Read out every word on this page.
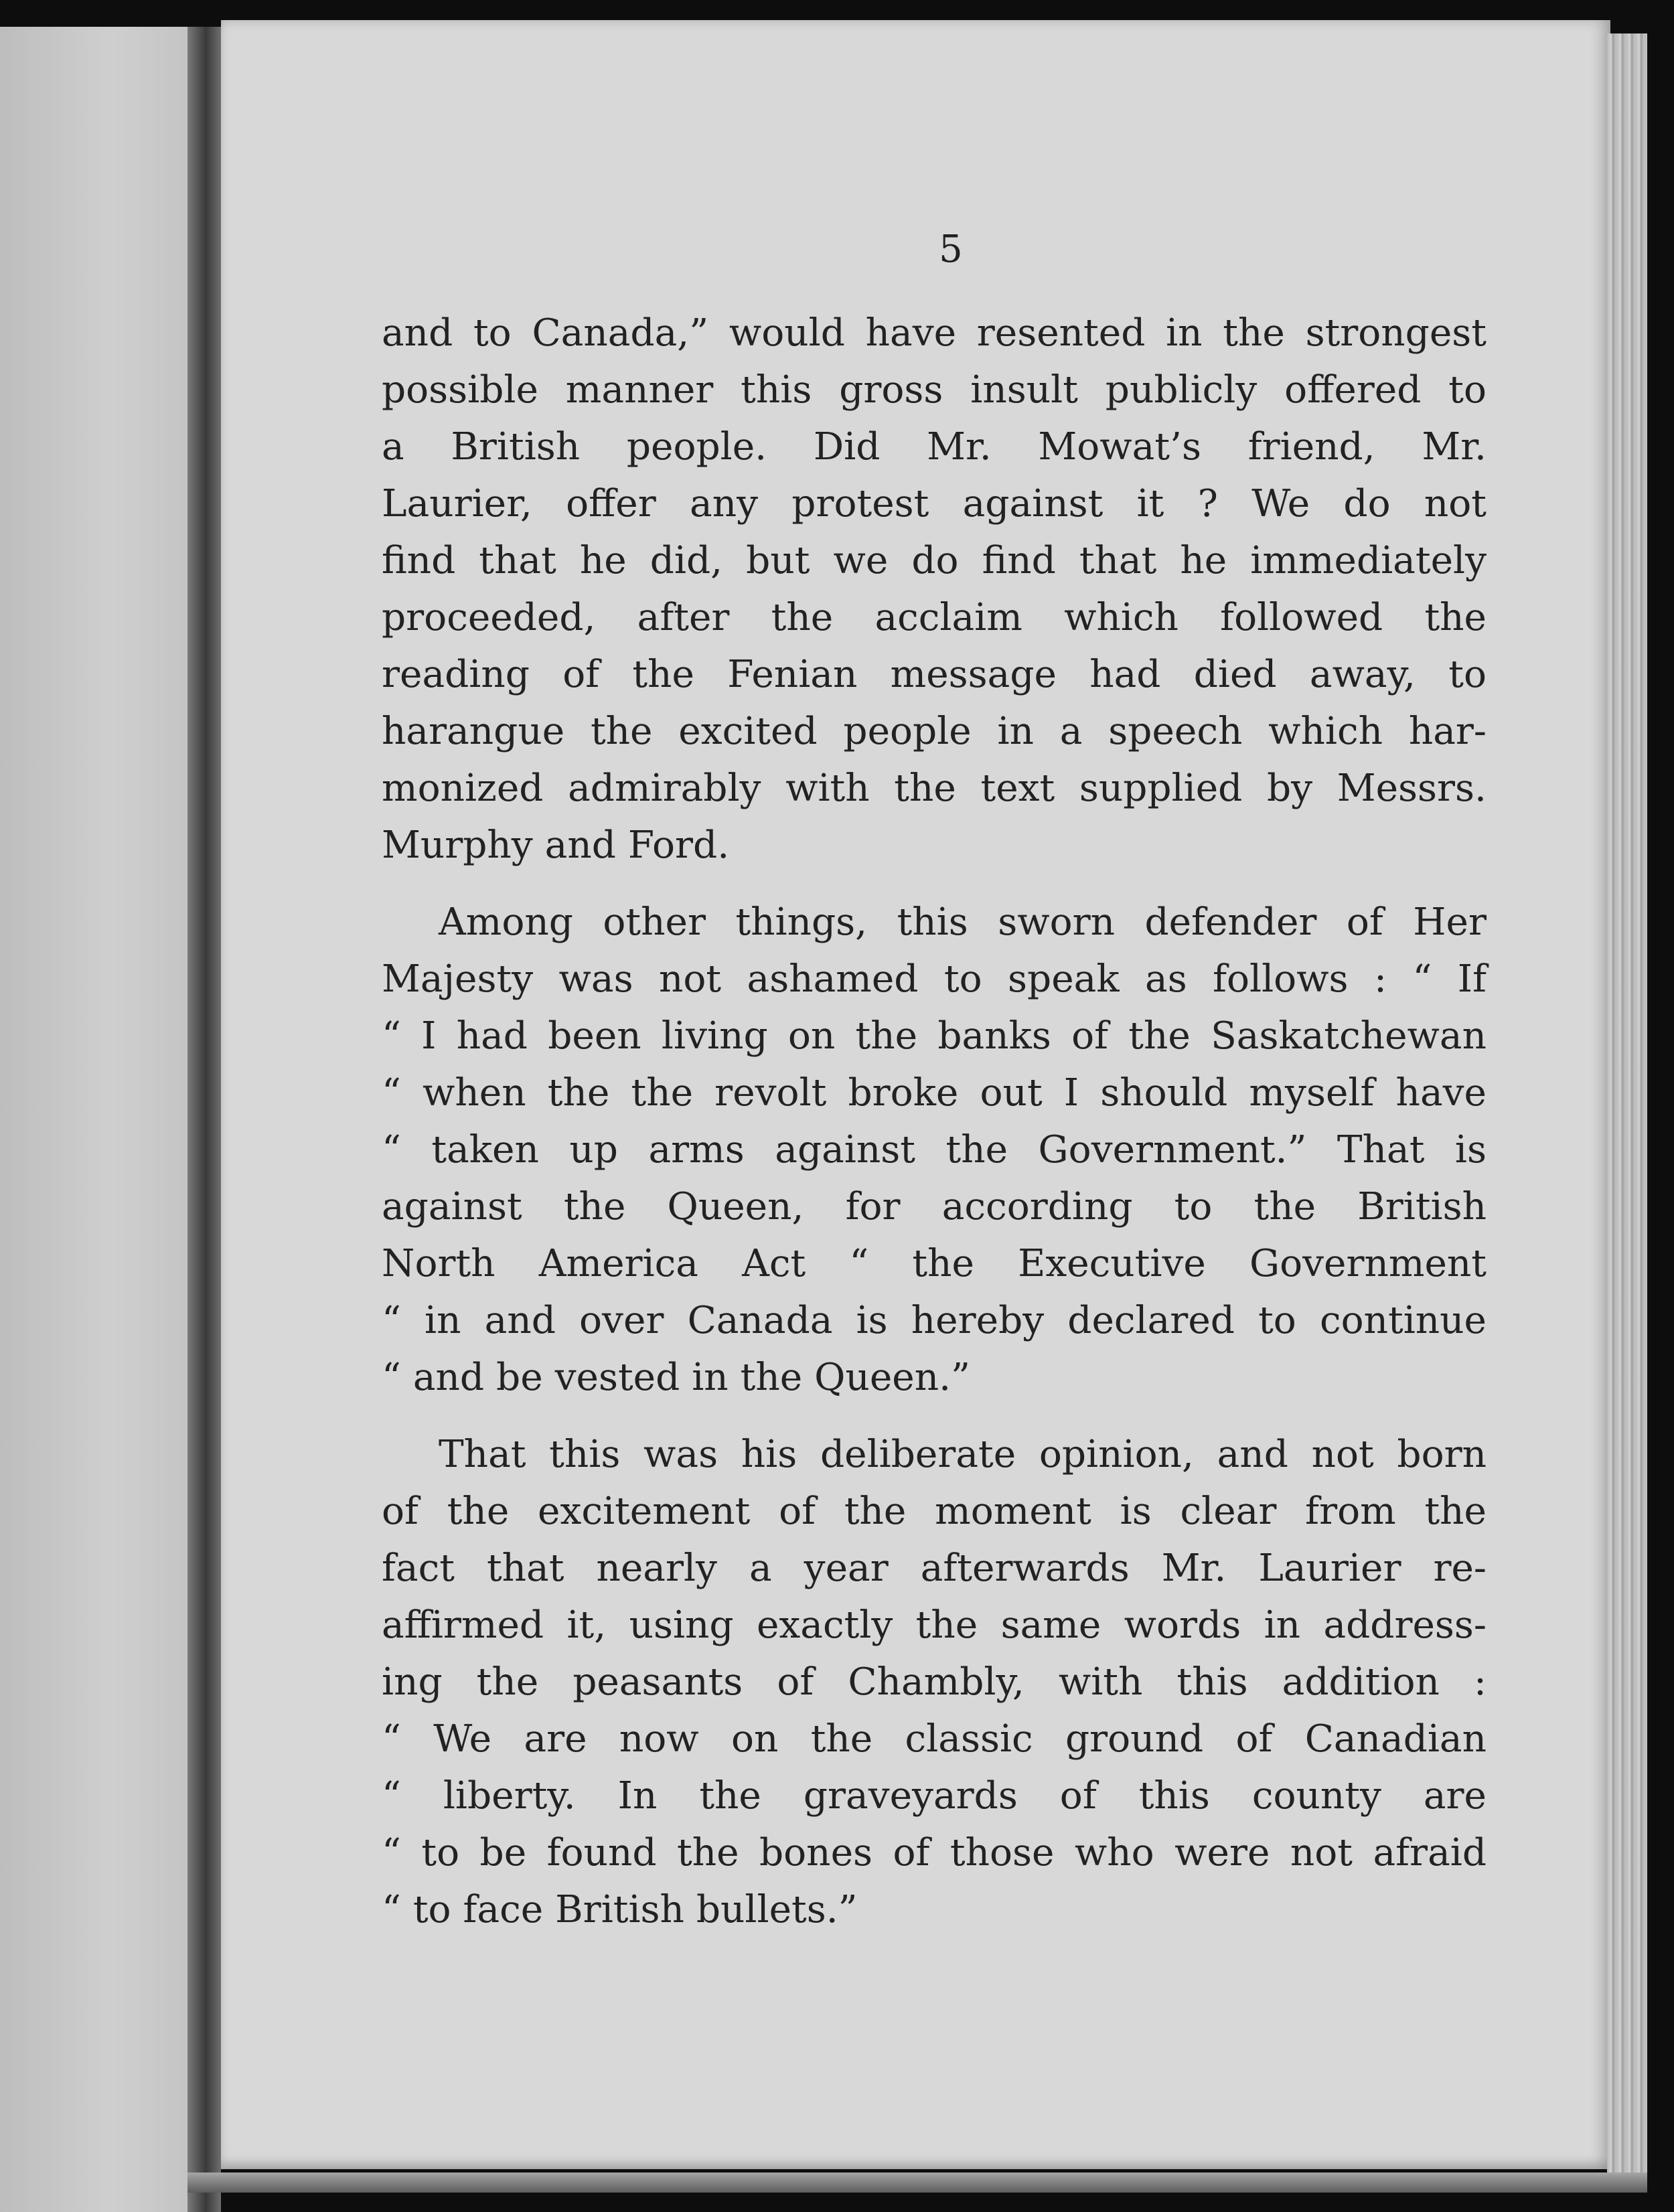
5

and to Canada,” would have resented in the strongest
possible manner this gross insult publicly offered to
a British people. Did Mr. Mowat’s friend, Mr.
Laurier, offer any protest against it ? We do not
find that he did, but we do find that he immediately
proceeded, after the acclaim which followed the
reading of the Fenian message had died away, to
harangue the excited people in a speech which har-
monized admirably with the text supplied by Messrs.
Murphy and Ford.

Among other things, this sworn defender of Her
Majesty was not ashamed to speak as follows : “ If
“ I had been living on the banks of the Saskatchewan
“ when the the revolt broke out I should myself have
“ taken up arms against the Government.” That is
against the Queen, for according to the British
North America Act “ the Executive Government
“ in and over Canada is hereby declared to continue
“ and be vested in the Queen.”

That this was his deliberate opinion, and not born
of the excitement of the moment is clear from the
fact that nearly a year afterwards Mr. Laurier re-
affirmed it, using exactly the same words in address-
ing the peasants of Chambly, with this addition :
“ We are now on the classic ground of Canadian
“ liberty. In the graveyards of this county are
“ to be found the bones of those who were not afraid
“ to face British bullets.”
